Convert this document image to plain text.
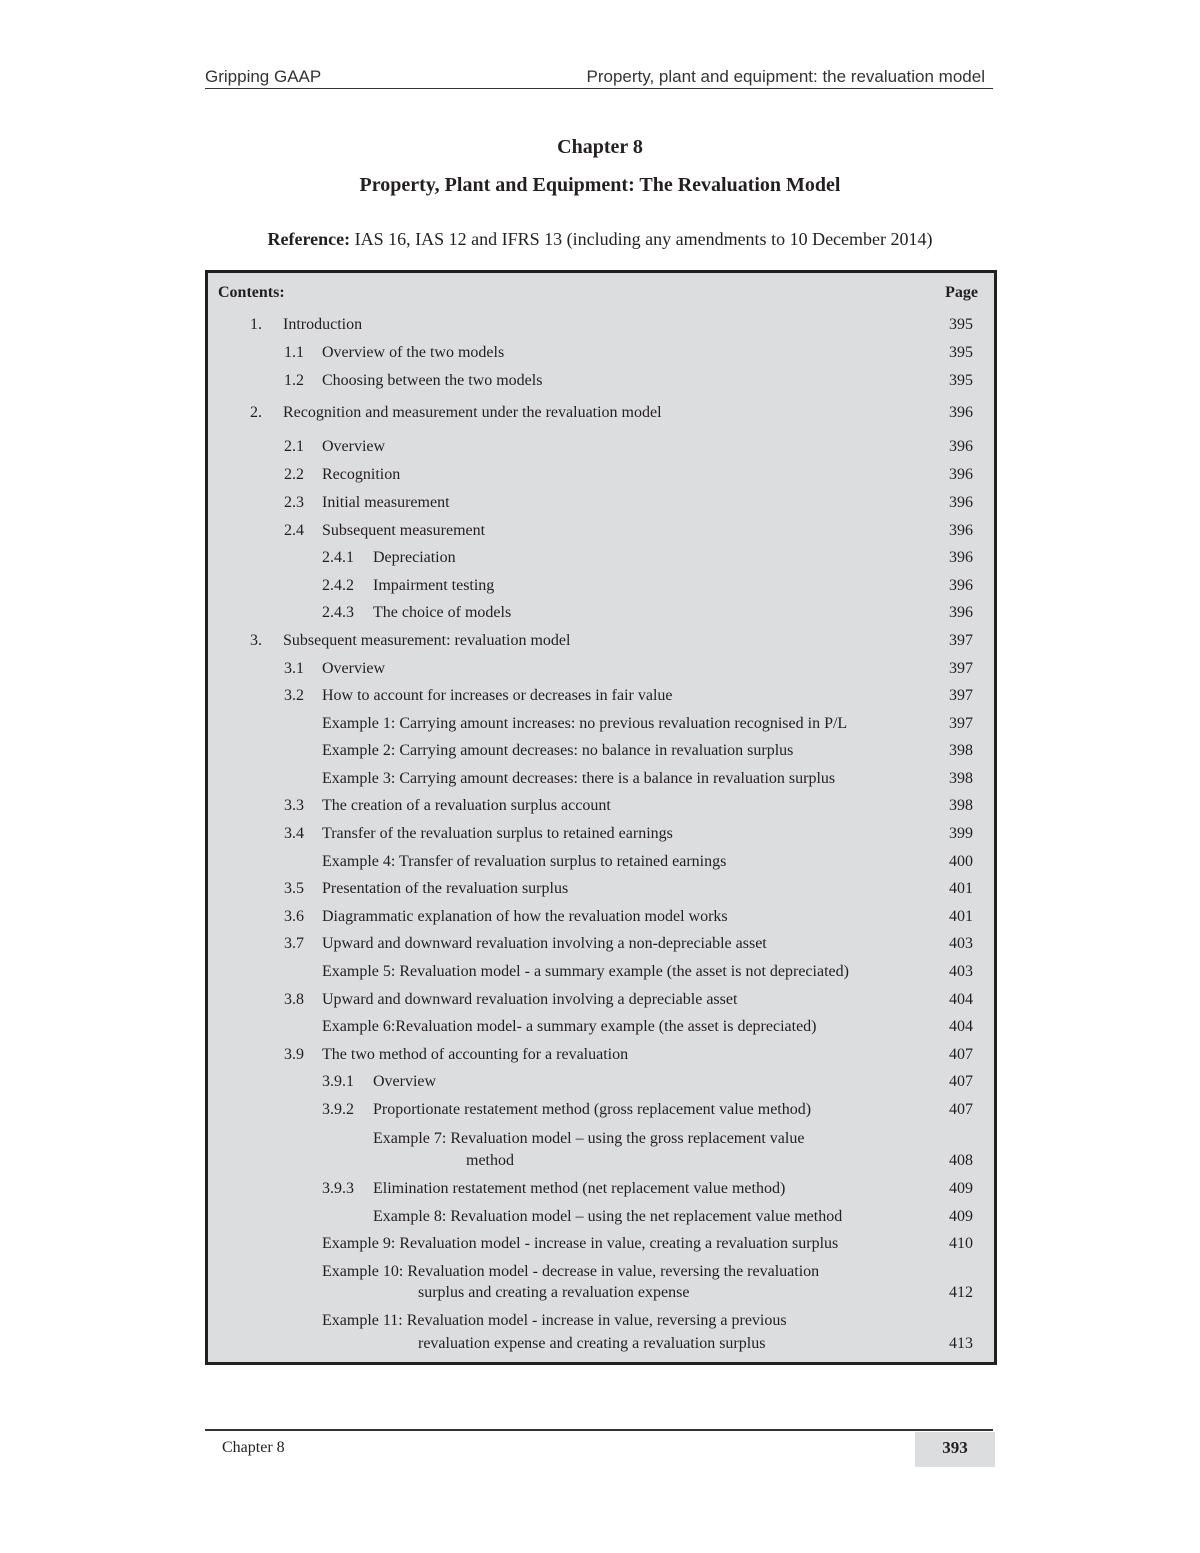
Gripping GAAP	Property, plant and equipment: the revaluation model
Chapter 8
Property, Plant and Equipment: The Revaluation Model
Reference: IAS 16, IAS 12 and IFRS 13 (including any amendments to 10 December 2014)
Contents:	Page
1. Introduction	395
1.1 Overview of the two models	395
1.2 Choosing between the two models	395
2. Recognition and measurement under the revaluation model	396
2.1 Overview	396
2.2 Recognition	396
2.3 Initial measurement	396
2.4 Subsequent measurement	396
2.4.1 Depreciation	396
2.4.2 Impairment testing	396
2.4.3 The choice of models	396
3. Subsequent measurement: revaluation model	397
3.1 Overview	397
3.2 How to account for increases or decreases in fair value	397
Example 1: Carrying amount increases: no previous revaluation recognised in P/L	397
Example 2: Carrying amount decreases: no balance in revaluation surplus	398
Example 3: Carrying amount decreases: there is a balance in revaluation surplus	398
3.3 The creation of a revaluation surplus account	398
3.4 Transfer of the revaluation surplus to retained earnings	399
Example 4: Transfer of revaluation surplus to retained earnings	400
3.5 Presentation of the revaluation surplus	401
3.6 Diagrammatic explanation of how the revaluation model works	401
3.7 Upward and downward revaluation involving a non-depreciable asset	403
Example 5: Revaluation model - a summary example (the asset is not depreciated)	403
3.8 Upward and downward revaluation involving a depreciable asset	404
Example 6:Revaluation model- a summary example (the asset is depreciated)	404
3.9 The two method of accounting for a revaluation	407
3.9.1 Overview	407
3.9.2 Proportionate restatement method (gross replacement value method)	407
Example 7: Revaluation model – using the gross replacement value
method	408
3.9.3 Elimination restatement method (net replacement value method)	409
Example 8: Revaluation model – using the net replacement value method	409
Example 9: Revaluation model - increase in value, creating a revaluation surplus	410
Example 10: Revaluation model - decrease in value, reversing the revaluation
surplus and creating a revaluation expense	412
Example 11: Revaluation model - increase in value, reversing a previous
revaluation expense and creating a revaluation surplus	413
Chapter 8	393
